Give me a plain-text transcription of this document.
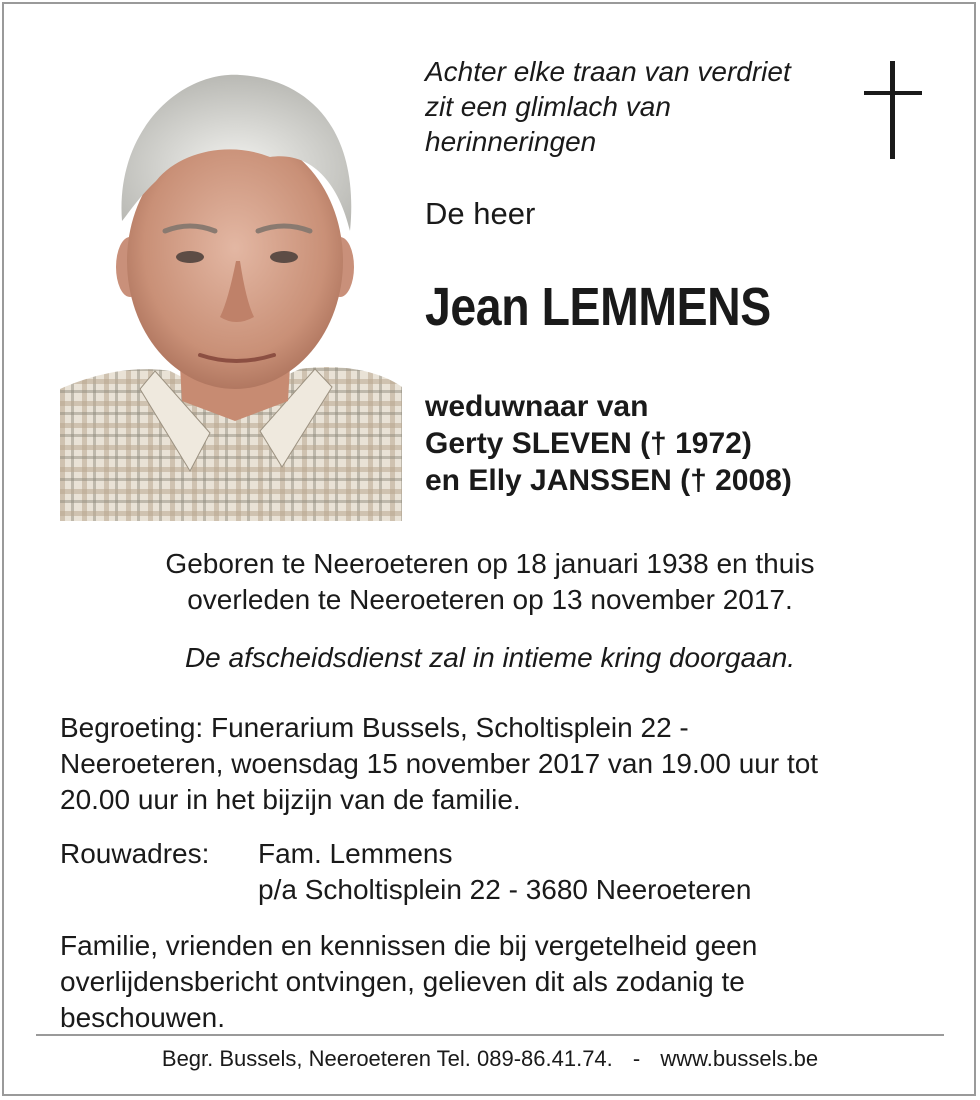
Achter elke traan van verdriet
zit een glimlach van
herinneringen

De heer

Jean LEMMENS

weduwnaar van
Gerty SLEVEN († 1972)
en Elly JANSSEN († 2008)

Geboren te Neeroeteren op 18 januari 1938 en thuis
overleden te Neeroeteren op 13 november 2017.

De afscheidsdienst zal in intieme kring doorgaan.

Begroeting: Funerarium Bussels, Scholtisplein 22 -
Neeroeteren, woensdag 15 november 2017 van 19.00 uur tot
20.00 uur in het bijzijn van de familie.

Rouwadres: Fam. Lemmens
p/a Scholtisplein 22 - 3680 Neeroeteren

Familie, vrienden en kennissen die bij vergetelheid geen
overlijdensbericht ontvingen, gelieven dit als zodanig te
beschouwen.

Begr. Bussels, Neeroeteren Tel. 089-86.41.74. - www.bussels.be
